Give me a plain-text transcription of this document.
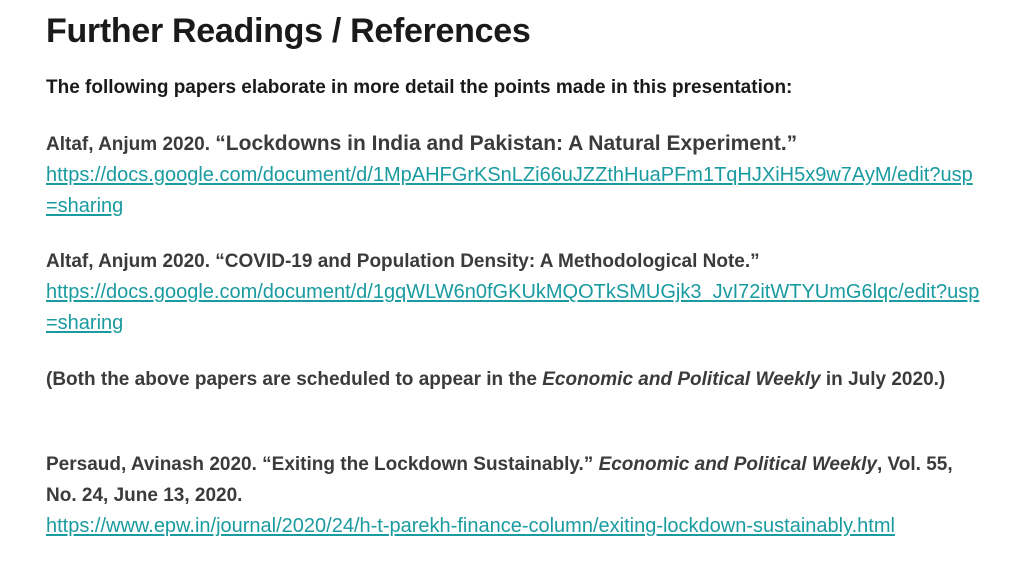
Further Readings / References

The following papers elaborate in more detail the points made in this presentation:

Altaf, Anjum 2020. “Lockdowns in India and Pakistan: A Natural Experiment.”
https://docs.google.com/document/d/1MpAHFGrKSnLZi66uJZZthHuaPFm1TqHJXiH5x9w7AyM/edit?usp=sharing
Altaf, Anjum 2020. “COVID-19 and Population Density: A Methodological Note.”
https://docs.google.com/document/d/1gqWLW6n0fGKUkMQOTkSMUGjk3_JvI72itWTYUmG6lqc/edit?usp=sharing
(Both the above papers are scheduled to appear in the Economic and Political Weekly in July 2020.)
Persaud, Avinash 2020. “Exiting the Lockdown Sustainably.” Economic and Political Weekly, Vol. 55, No. 24, June 13, 2020.
https://www.epw.in/journal/2020/24/h-t-parekh-finance-column/exiting-lockdown-sustainably.html
